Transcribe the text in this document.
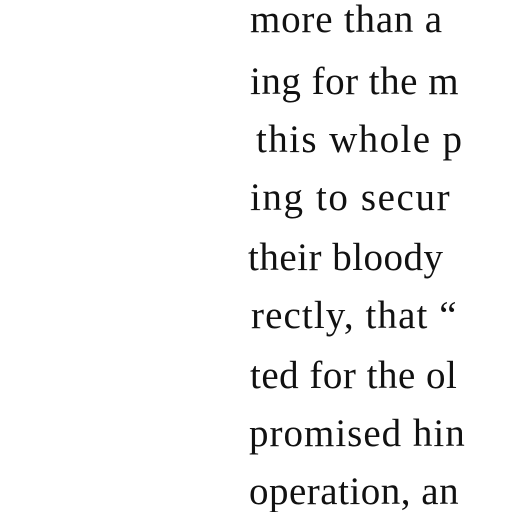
more than a
ing for the m
this whole p
ing to secur
their bloody
rectly, that “
ted for the ol
promised hin
operation, an
